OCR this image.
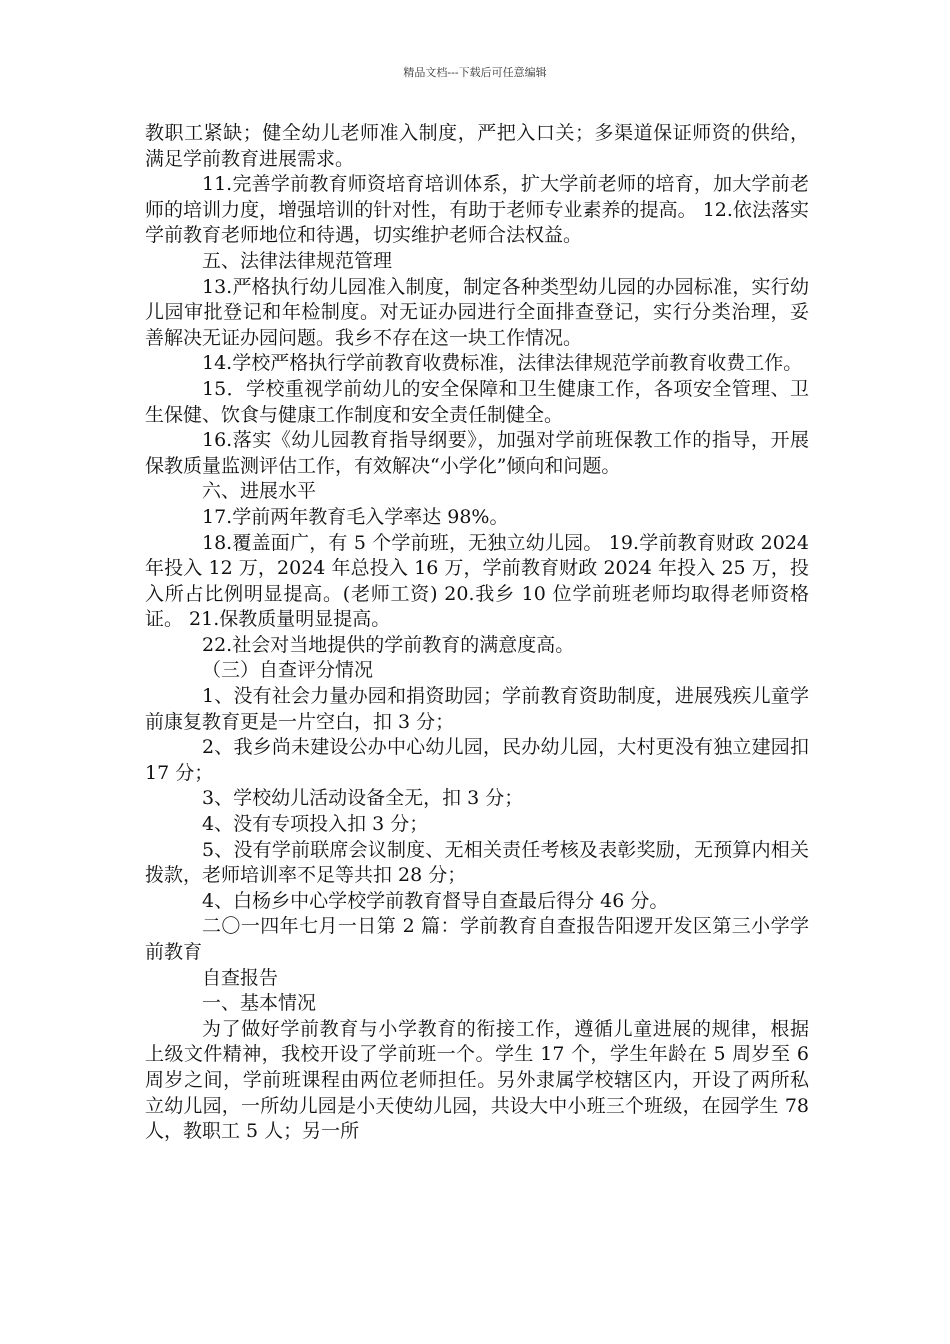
精品文档---下载后可任意编辑

教职工紧缺；健全幼儿老师准入制度，严把入口关；多渠道保证师资的供给，满足学前教育进展需求。

11.完善学前教育师资培育培训体系，扩大学前老师的培育，加大学前老师的培训力度，增强培训的针对性，有助于老师专业素养的提高。 12.依法落实学前教育老师地位和待遇，切实维护老师合法权益。

五、法律法律规范管理

13.严格执行幼儿园准入制度，制定各种类型幼儿园的办园标准，实行幼儿园审批登记和年检制度。对无证办园进行全面排查登记，实行分类治理，妥善解决无证办园问题。我乡不存在这一块工作情况。

14.学校严格执行学前教育收费标准，法律法律规范学前教育收费工作。

15．学校重视学前幼儿的安全保障和卫生健康工作，各项安全管理、卫生保健、饮食与健康工作制度和安全责任制健全。

16.落实《幼儿园教育指导纲要》，加强对学前班保教工作的指导，开展保教质量监测评估工作，有效解决“小学化”倾向和问题。

六、进展水平

17.学前两年教育毛入学率达 98%。

18.覆盖面广，有 5 个学前班，无独立幼儿园。 19.学前教育财政 2024 年投入 12 万，2024 年总投入 16 万，学前教育财政 2024 年投入 25 万，投入所占比例明显提高。(老师工资) 20.我乡 10 位学前班老师均取得老师资格证。 21.保教质量明显提高。

22.社会对当地提供的学前教育的满意度高。

（三）自查评分情况

1、没有社会力量办园和捐资助园；学前教育资助制度，进展残疾儿童学前康复教育更是一片空白，扣 3 分；

2、我乡尚未建设公办中心幼儿园，民办幼儿园，大村更没有独立建园扣 17 分；

3、学校幼儿活动设备全无，扣 3 分；

4、没有专项投入扣 3 分；

5、没有学前联席会议制度、无相关责任考核及表彰奖励，无预算内相关拨款，老师培训率不足等共扣 28 分；

4、白杨乡中心学校学前教育督导自查最后得分 46 分。

二〇一四年七月一日第 2 篇：学前教育自查报告阳逻开发区第三小学学前教育

自查报告

一、基本情况

为了做好学前教育与小学教育的衔接工作，遵循儿童进展的规律，根据上级文件精神，我校开设了学前班一个。学生 17 个，学生年龄在 5 周岁至 6 周岁之间，学前班课程由两位老师担任。另外隶属学校辖区内，开设了两所私立幼儿园，一所幼儿园是小天使幼儿园，共设大中小班三个班级，在园学生 78 人，教职工 5 人；另一所
